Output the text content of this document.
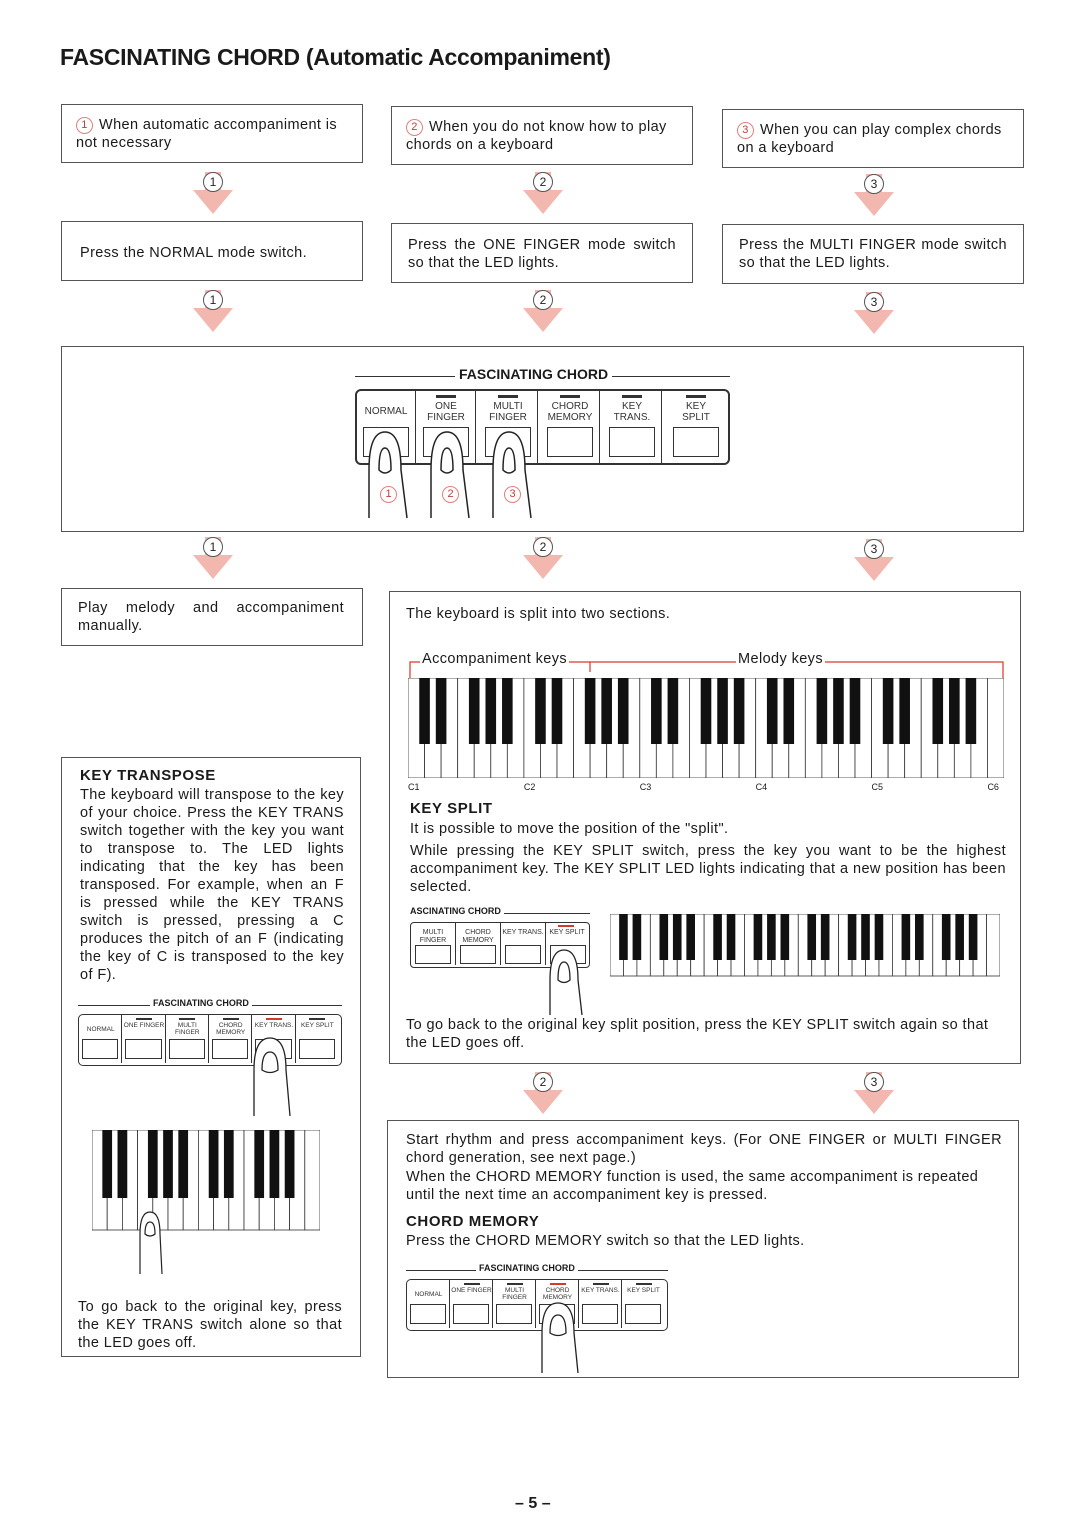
FASCINATING CHORD (Automatic Accompaniment)
1 When automatic accompaniment is not necessary
2 When you do not know how to play chords on a keyboard
3 When you can play complex chords on a keyboard
1	2	3
Press the NORMAL mode switch.	Press the ONE FINGER mode switch so that the LED lights.
Press the MULTI FINGER mode switch so that the LED lights.
1	2	3
FASCINATING CHORD
NORMAL	ONE FINGER
MULTI FINGER
CHORD MEMORY
KEY TRANS.
KEY SPLIT
1	2	3
1	2	3
Play melody and accompaniment manually.
The keyboard is split into two sections.
Accompaniment keys	Melody keys
C1	C2	C3	C4	C5	C6
KEY SPLIT
It is possible to move the position of the "split".
While pressing the KEY SPLIT switch, press the key you want to be the highest accompaniment key. The KEY SPLIT LED lights indicating that a new position has been selected.
ASCINATING CHORD
MULTI FINGER
CHORD MEMORY
KEY TRANS. KEY SPLIT
To go back to the original key split position, press the KEY SPLIT switch again so that the LED goes off.
KEY TRANSPOSE
The keyboard will transpose to the key of your choice. Press the KEY TRANS switch together with the key you want to transpose to. The LED lights indicating that the key has been transposed. For example, when an F is pressed while the KEY TRANS switch is pressed, pressing a C produces the pitch of an F (indicating the key of C is transposed to the key of F).
FASCINATING CHORD
NORMAL
ONE FINGER	MULTI FINGER
CHORD MEMORY
KEY TRANS.	KEY SPLIT
To go back to the original key, press the KEY TRANS switch alone so that the LED goes off.
2	3
Start rhythm and press accompaniment keys. (For ONE FINGER or MULTI FINGER chord generation, see next page.)
When the CHORD MEMORY function is used, the same accompaniment is repeated until the next time an accompaniment key is pressed.
CHORD MEMORY
Press the CHORD MEMORY switch so that the LED lights.
FASCINATING CHORD
NORMAL
ONE FINGER	MULTI FINGER
CHORD MEMORY
KEY TRANS.	KEY SPLIT
– 5 –
